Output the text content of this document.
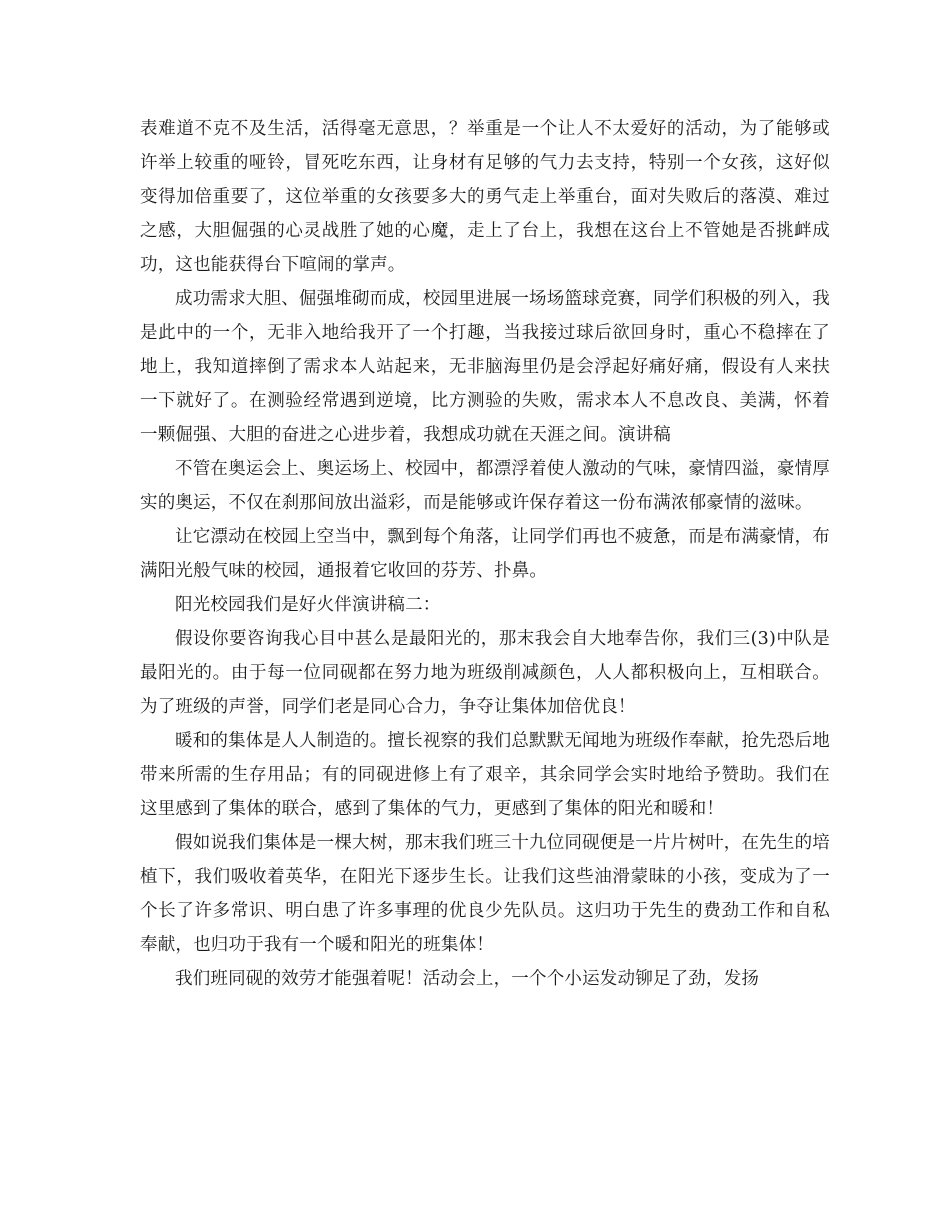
表难道不克不及生活，活得毫无意思，？举重是一个让人不太爱好的活动，为了能够或许举上较重的哑铃，冒死吃东西，让身材有足够的气力去支持，特别一个女孩，这好似变得加倍重要了，这位举重的女孩要多大的勇气走上举重台，面对失败后的落漠、难过之感，大胆倔强的心灵战胜了她的心魔，走上了台上，我想在这台上不管她是否挑衅成功，这也能获得台下喧闹的掌声。

成功需求大胆、倔强堆砌而成，校园里进展一场场篮球竞赛，同学们积极的列入，我是此中的一个，无非入地给我开了一个打趣，当我接过球后欲回身时，重心不稳摔在了地上，我知道摔倒了需求本人站起来，无非脑海里仍是会浮起好痛好痛，假设有人来扶一下就好了。在测验经常遇到逆境，比方测验的失败，需求本人不息改良、美满，怀着一颗倔强、大胆的奋进之心进步着，我想成功就在天涯之间。演讲稿

不管在奥运会上、奥运场上、校园中，都漂浮着使人激动的气味，豪情四溢，豪情厚实的奥运，不仅在刹那间放出溢彩，而是能够或许保存着这一份布满浓郁豪情的滋味。

让它漂动在校园上空当中，飘到每个角落，让同学们再也不疲惫，而是布满豪情，布满阳光般气味的校园，通报着它收回的芬芳、扑鼻。

阳光校园我们是好火伴演讲稿二：

假设你要咨询我心目中甚么是最阳光的，那末我会自大地奉告你，我们三(3)中队是最阳光的。由于每一位同砚都在努力地为班级削减颜色，人人都积极向上，互相联合。为了班级的声誉，同学们老是同心合力，争夺让集体加倍优良！

暖和的集体是人人制造的。擅长视察的我们总默默无闻地为班级作奉献，抢先恐后地带来所需的生存用品；有的同砚进修上有了艰辛，其余同学会实时地给予赞助。我们在这里感到了集体的联合，感到了集体的气力，更感到了集体的阳光和暖和！

假如说我们集体是一棵大树，那末我们班三十九位同砚便是一片片树叶，在先生的培植下，我们吸收着英华，在阳光下逐步生长。让我们这些油滑蒙昧的小孩，变成为了一个长了许多常识、明白患了许多事理的优良少先队员。这归功于先生的费劲工作和自私奉献，也归功于我有一个暖和阳光的班集体！

我们班同砚的效劳才能强着呢！活动会上，一个个小运发动铆足了劲，发扬
